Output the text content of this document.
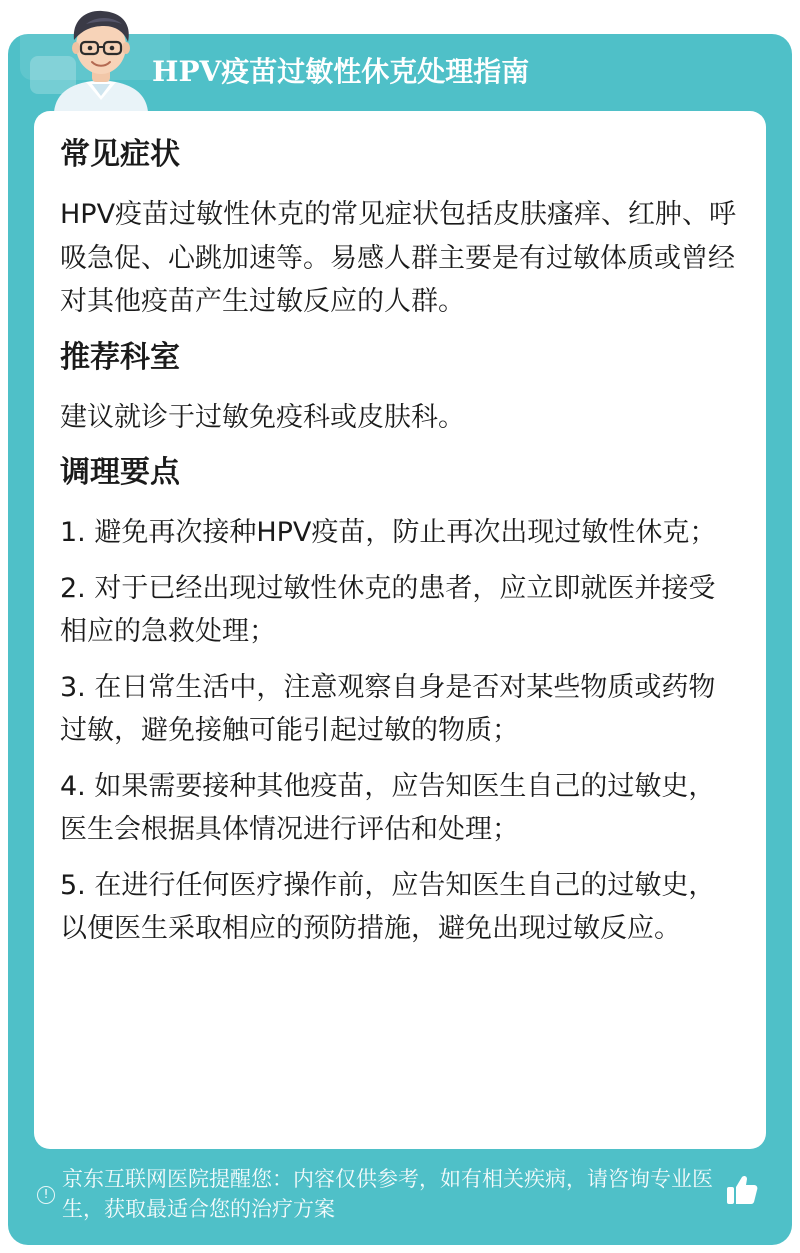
HPV疫苗过敏性休克处理指南
常见症状
HPV疫苗过敏性休克的常见症状包括皮肤瘙痒、红肿、呼吸急促、心跳加速等。易感人群主要是有过敏体质或曾经对其他疫苗产生过敏反应的人群。
推荐科室
建议就诊于过敏免疫科或皮肤科。
调理要点
1. 避免再次接种HPV疫苗，防止再次出现过敏性休克；
2. 对于已经出现过敏性休克的患者，应立即就医并接受相应的急救处理；
3. 在日常生活中，注意观察自身是否对某些物质或药物过敏，避免接触可能引起过敏的物质；
4. 如果需要接种其他疫苗，应告知医生自己的过敏史，医生会根据具体情况进行评估和处理；
5. 在进行任何医疗操作前，应告知医生自己的过敏史，以便医生采取相应的预防措施，避免出现过敏反应。
!
京东互联网医院提醒您：内容仅供参考，如有相关疾病，请咨询专业医生，获取最适合您的治疗方案
